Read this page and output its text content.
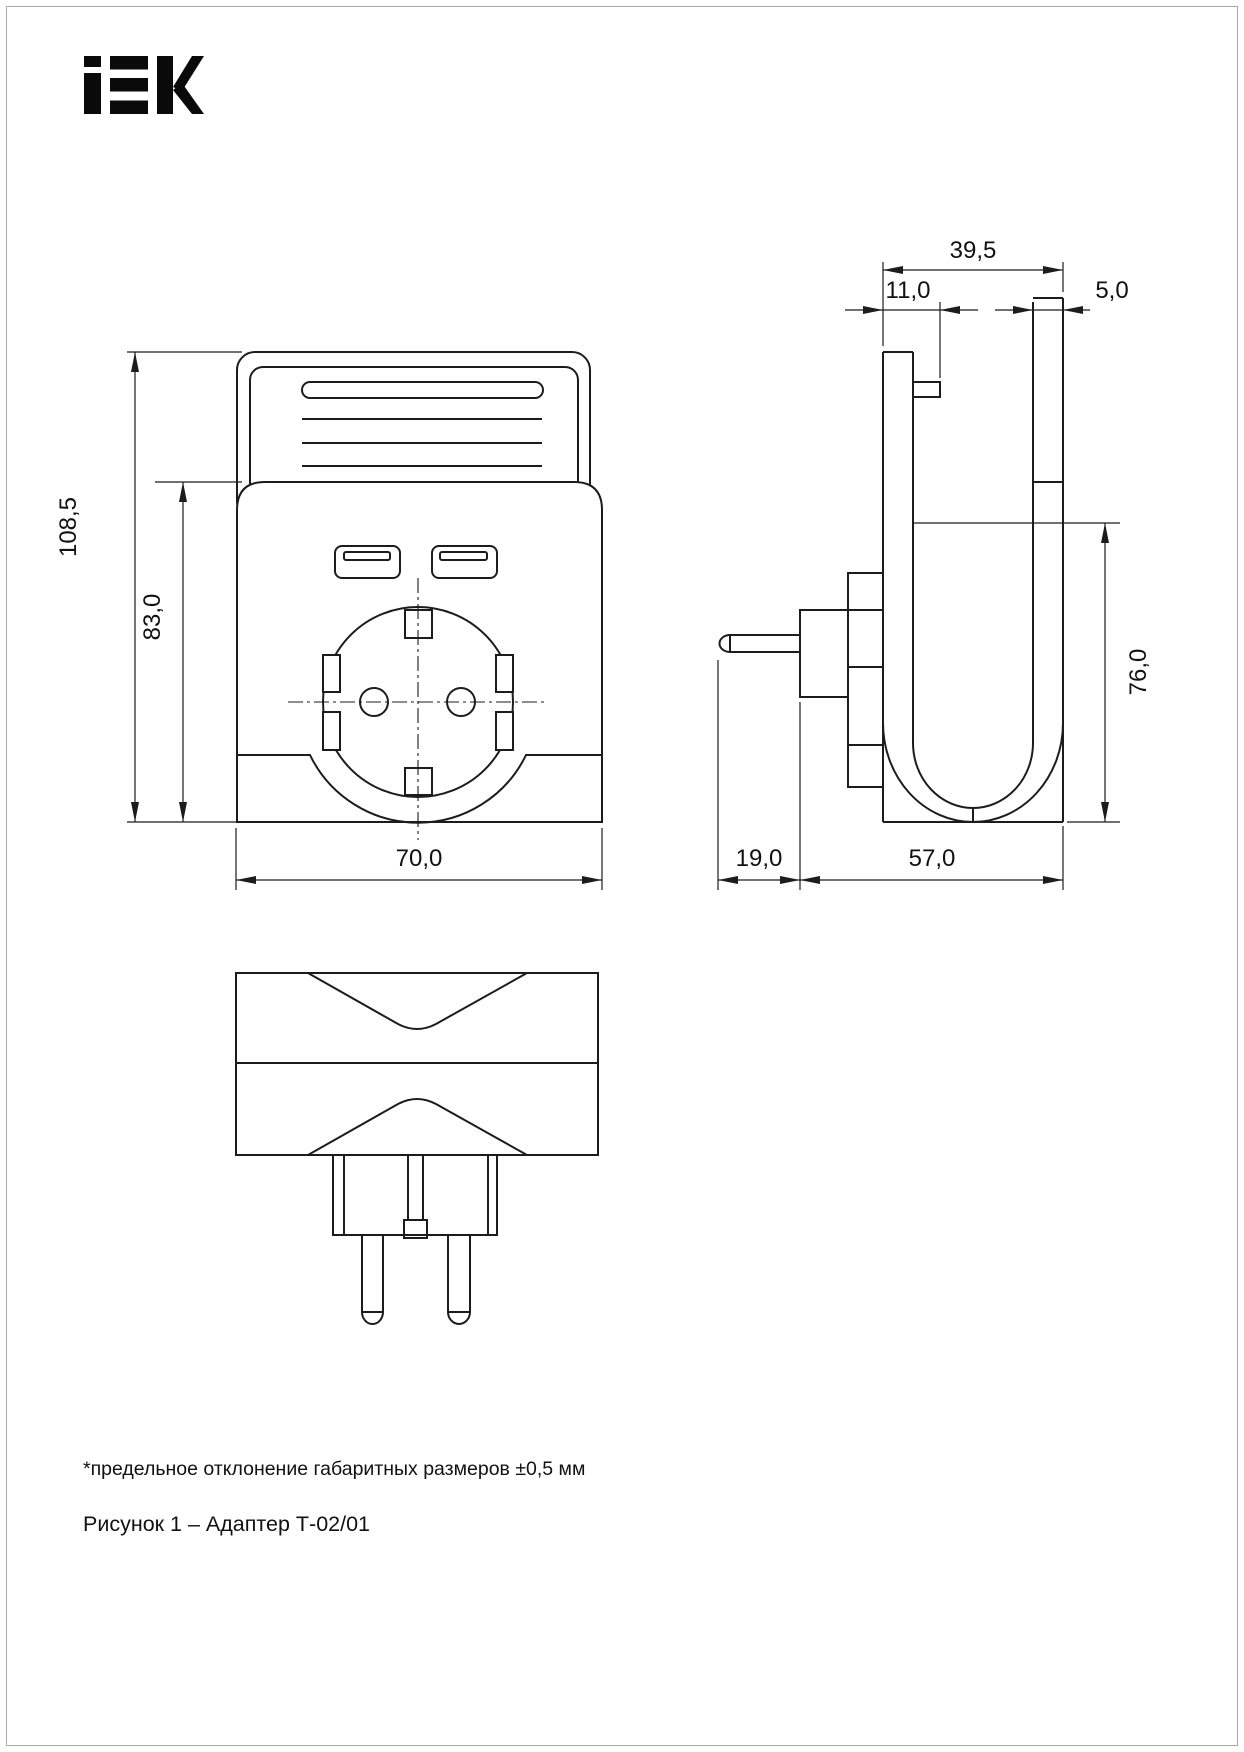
108,5
83,0
70,0
39,5
11,0	5,0
76,0
19,0	57,0
*предельное отклонение габаритных размеров ±0,5 мм
Рисунок 1 – Адаптер Т-02/01
